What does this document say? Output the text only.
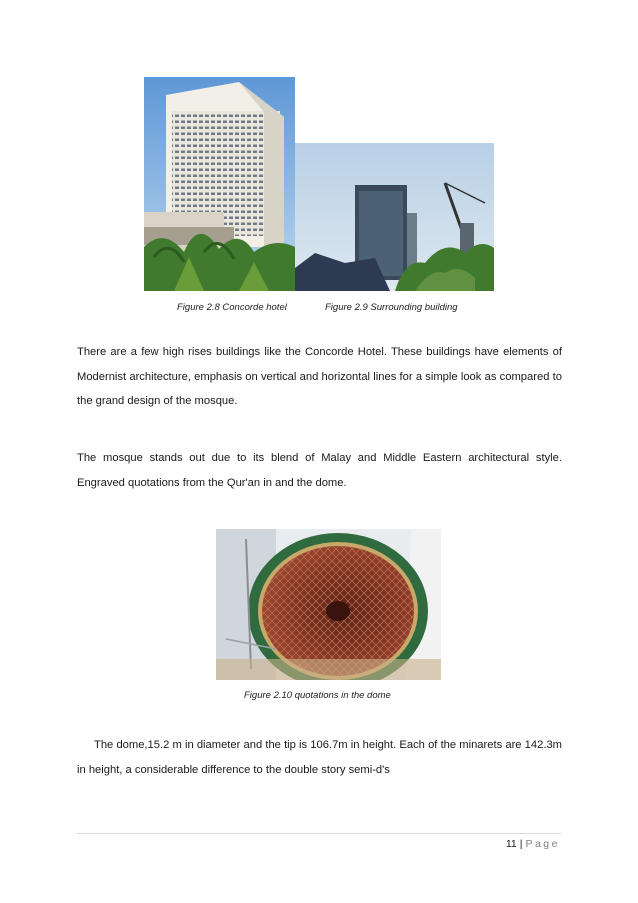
Figure 2.8 Concorde hotel	Figure 2.9 Surrounding building

There are a few high rises buildings like the Concorde Hotel. These buildings have elements of Modernist architecture, emphasis on vertical and horizontal lines for a simple look as compared to the grand design of the mosque.

The mosque stands out due to its blend of Malay and Middle Eastern architectural style. Engraved quotations from the Qur'an in and the dome.

Figure 2.10 quotations in the dome

The dome,15.2 m in diameter and the tip is 106.7m in height. Each of the minarets are 142.3m in height, a considerable difference to the double story semi-d's

11 | Page
